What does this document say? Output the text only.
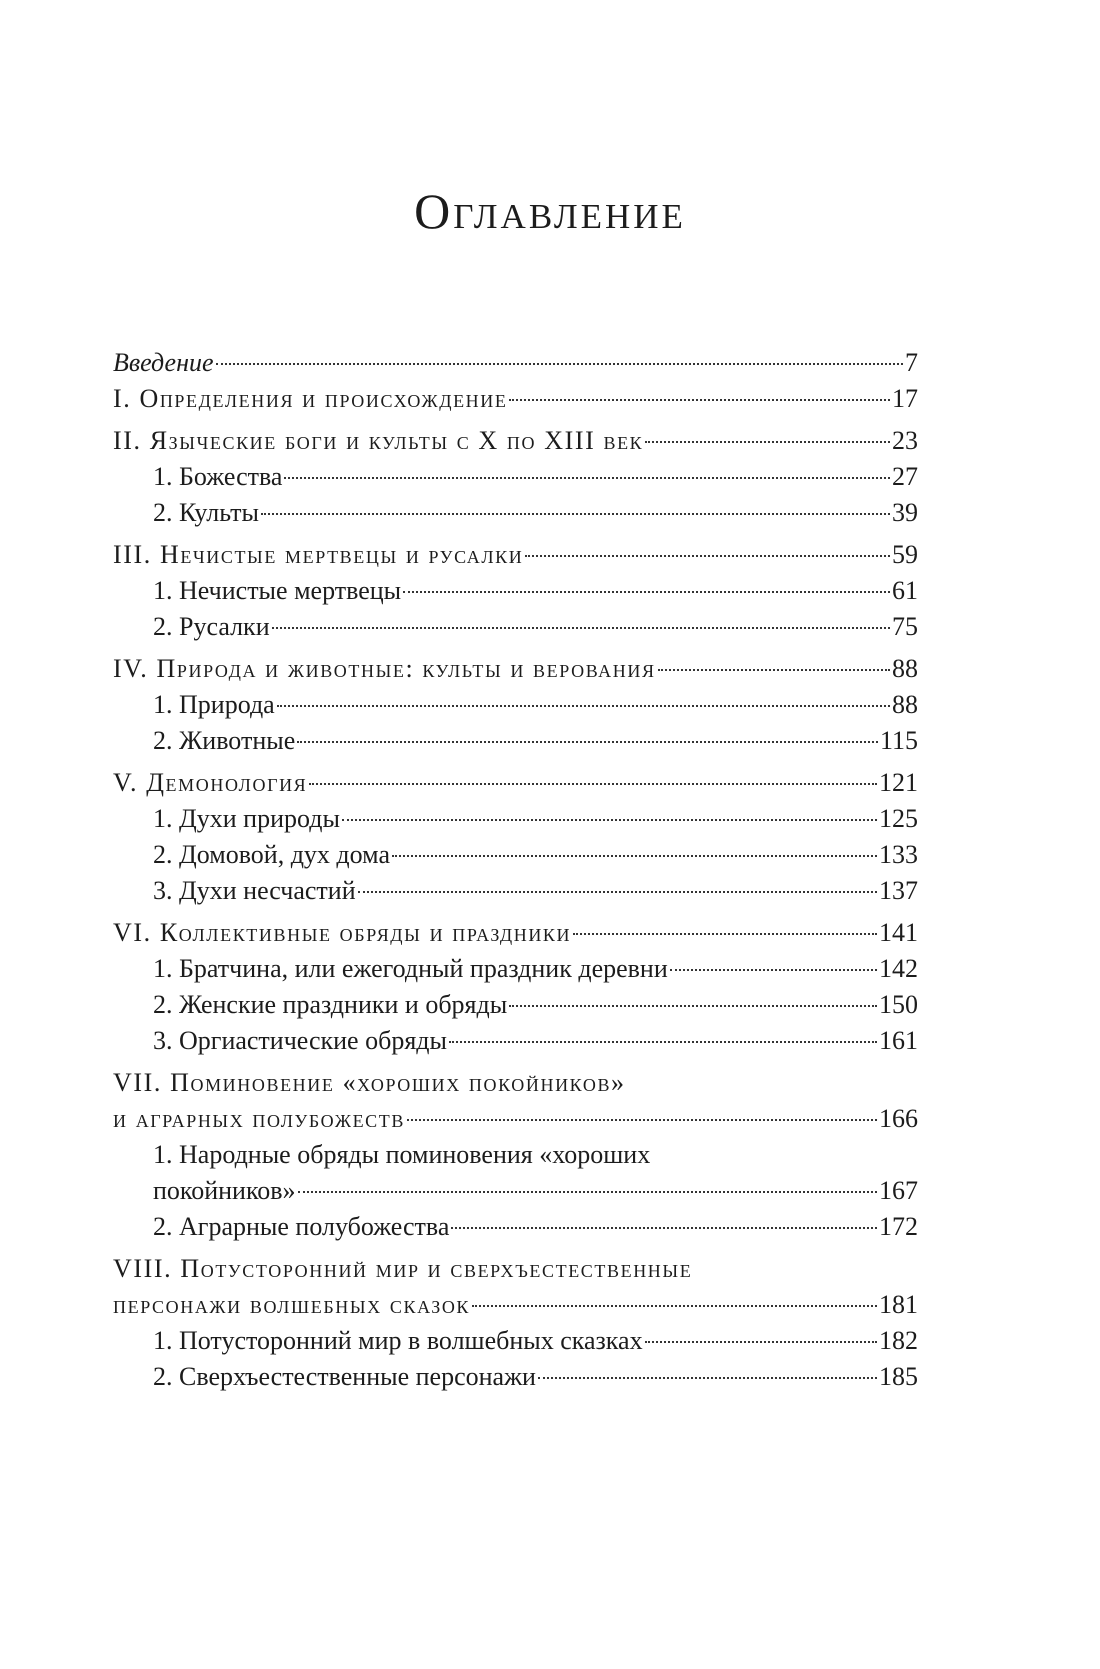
Оглавление
Введение	7
I. Определения и происхождение	17
II. Языческие боги и культы с X по XIII век	23
1. Божества	27
2. Культы	39
III. Нечистые мертвецы и русалки	59
1. Нечистые мертвецы	61
2. Русалки	75
IV. Природа и животные: культы и верования	88
1. Природа	88
2. Животные	115
V. Демонология	121
1. Духи природы	125
2. Домовой, дух дома	133
3. Духи несчастий	137
VI. Коллективные обряды и праздники	141
1. Братчина, или ежегодный праздник деревни	142
2. Женские праздники и обряды	150
3. Оргиастические обряды	161
VII. Поминовение «хороших покойников»
и аграрных полубожеств	166
1. Народные обряды поминовения «хороших
покойников»	167
2. Аграрные полубожества	172
VIII. Потусторонний мир и сверхъестественные
персонажи волшебных сказок	181
1. Потусторонний мир в волшебных сказках	182
2. Сверхъестественные персонажи	185
